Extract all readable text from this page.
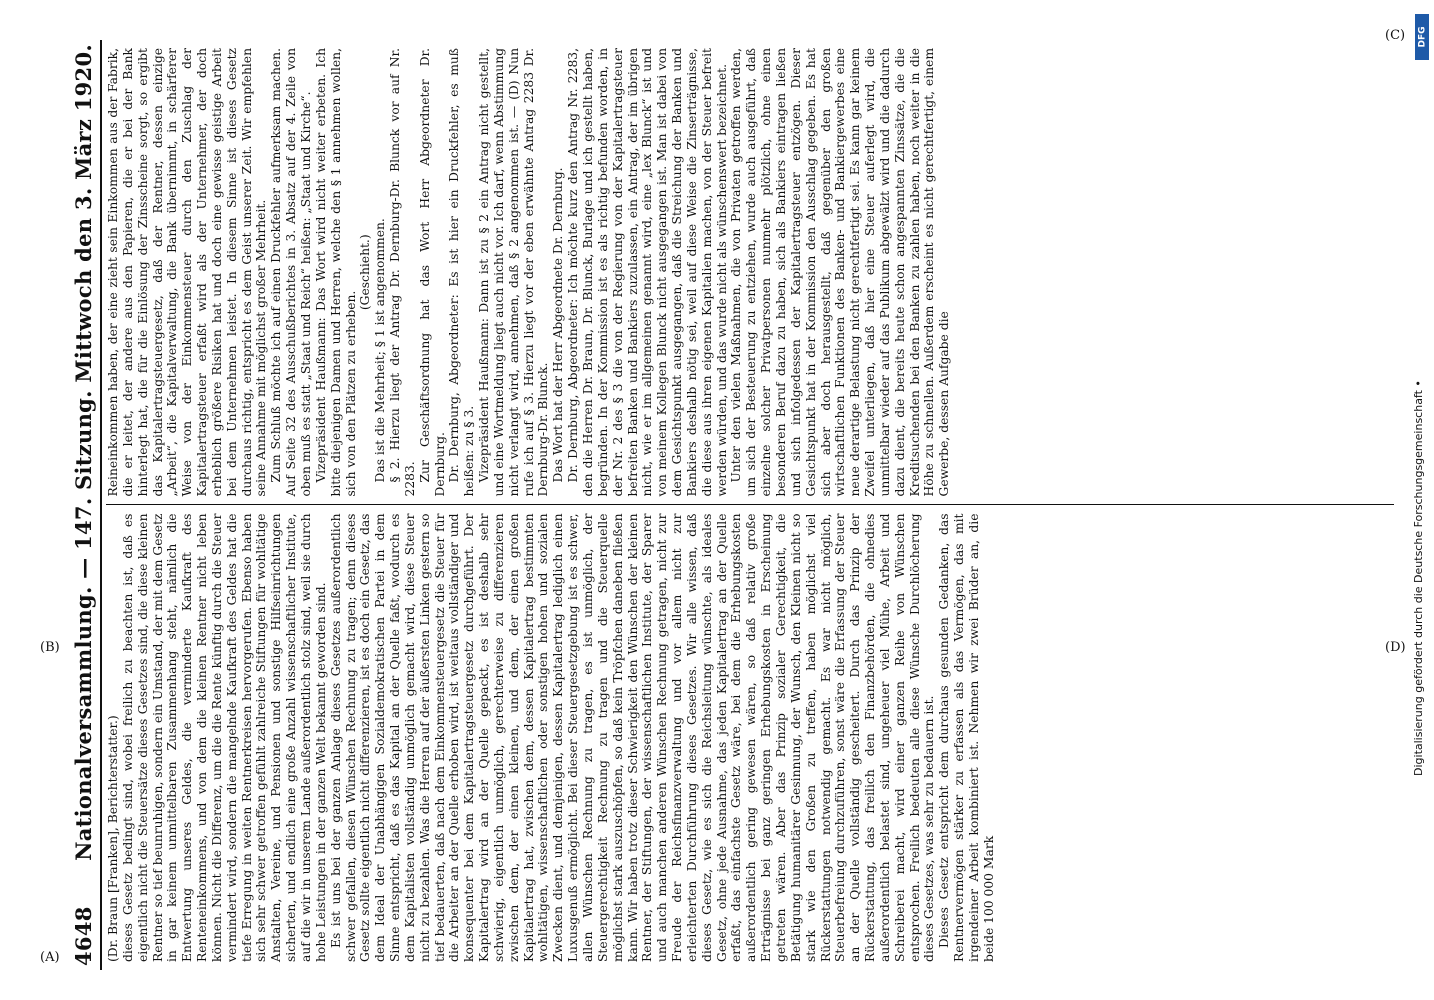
4648
Nationalversammlung. — 147. Sitzung. Mittwoch den 3. März 1920. (Dr. Braun [Franken], Berichterstatter.) dieses Gesetz bedingt sind, wobei freilich zu beachten ist, daß es eigentlich nicht die Steuersätze dieses Gesetzes sind, die diese kleinen Rentner so tief beunruhigen, sondern ein Umstand, der mit dem Gesetz in gar keinem unmittelbaren Zusammenhang steht, nämlich die Entwertung unseres Geldes, die verminderte Kaufkraft des Renteneinkommens, und von dem die kleinen Rentner nicht leben können. Nicht die Differenz, um die die Rente künftig durch die Steuer vermindert wird, sondern die mangelnde Kaufkraft des Geldes hat die tiefe Erregung in weiten Rentnerkreisen hervorgerufen. Ebenso haben sich sehr schwer getroffen gefühlt zahlreiche Stiftungen für wohltätige Anstalten, Vereine, und Pensionen und sonstige Hilfseinrichtungen sicherten, und endlich eine große Anzahl wissenschaftlicher Institute, auf die wir in unserem Lande außerordentlich stolz sind, weil sie durch hohe Leistungen in der ganzen Welt bekannt geworden sind. Es ist uns bei der ganzen Anlage dieses Gesetzes außerordentlich schwer gefallen, diesen Wünschen Rechnung zu tragen; denn dieses Gesetz sollte eigentlich nicht differenzieren, ist es doch ein Gesetz, das dem Ideal der Unabhängigen Sozialdemokratischen Partei in dem Sinne entspricht, daß es das Kapital an der Quelle faßt, wodurch es dem Kapitalisten vollständig unmöglich gemacht wird, diese Steuer nicht zu bezahlen. Was die Herren auf der äußersten Linken gestern so tief bedauerten, daß nach dem Einkommensteuergesetz die Steuer für die Arbeiter an der Quelle erhoben wird, ist weitaus vollständiger und konsequenter bei dem Kapitalertragsteuergesetz durchgeführt. Der Kapitalertrag wird an der Quelle gepackt, es ist deshalb sehr schwierig, eigentlich unmöglich, gerechterweise zu differenzieren zwischen dem, der einen kleinen, und dem, der einen großen Kapitalertrag hat, zwischen dem, dessen Kapitalertrag bestimmten wohltätigen, wissenschaftlichen oder sonstigen hohen und sozialen Zwecken dient, und demjenigen, dessen Kapitalertrag lediglich einen Luxusgenuß ermöglicht. Bei dieser Steuergesetzgebung ist es schwer, allen Wünschen Rechnung zu tragen, es ist unmöglich, der Steuergerechtigkeit Rechnung zu tragen und die Steuerquelle möglichst stark auszuschöpfen, so daß kein Tröpfchen daneben fließen kann. Wir haben trotz dieser Schwierigkeit den Wünschen der kleinen Rentner, der Stiftungen, der wissenschaftlichen Institute, der Sparer und auch manchen anderen Wünschen Rechnung getragen, nicht zur Freude der Reichsfinanzverwaltung und vor allem nicht zur erleichterten Durchführung dieses Gesetzes. Wir alle wissen, daß dieses Gesetz, wie es sich die Reichsleitung wünschte, als ideales Gesetz, ohne jede Ausnahme, das jeden Kapitalertrag an der Quelle erfaßt, das einfachste Gesetz wäre, bei dem die Erhebungskosten außerordentlich gering gewesen wären, so daß relativ große Erträgnisse bei ganz geringen Erhebungskosten in Erscheinung getreten wären. Aber das Prinzip sozialer Gerechtigkeit, die Betätigung humanitärer Gesinnung, der Wunsch, den Kleinen nicht so stark wie den Großen zu treffen, haben möglichst viel Rückerstattungen notwendig gemacht. Es war nicht möglich, Steuerbefreiung durchzuführen, sonst wäre die Erfassung der Steuer an der Quelle vollständig gescheitert. Durch das Prinzip der Rückerstattung, das freilich den Finanzbehörden, die ohnedies außerordentlich belastet sind, ungeheuer viel Mühe, Arbeit und Schreiberei macht, wird einer ganzen Reihe von Wünschen entsprochen. Freilich bedeuten alle diese Wünsche Durchlöcherung dieses Gesetzes, was sehr zu bedauern ist. Dieses Gesetz entspricht dem durchaus gesunden Gedanken, das Rentnervermögen stärker zu erfassen als das Vermögen, das mit irgendeiner Arbeit kombiniert ist. Nehmen wir zwei Brüder an, die beide 100 000 Mark

Reineinkommen haben, der eine zieht sein Einkommen aus der Fabrik, die er leitet, der andere aus den Papieren, die er bei der Bank hinterlegt hat, die für die Einlösung der Zinsscheine sorgt, so ergibt das Kapitalertragsteuergesetz, daß der Rentner, dessen einzige „Arbeit“, die Kapitalverwaltung, die Bank übernimmt, in schärferer Weise von der Einkommensteuer durch den Zuschlag der Kapitalertragsteuer erfaßt wird als der Unternehmer, der doch erheblich größere Risiken hat und doch eine gewisse geistige Arbeit bei dem Unternehmen leistet. In diesem Sinne ist dieses Gesetz durchaus richtig, entspricht es dem Geist unserer Zeit. Wir empfehlen seine Annahme mit möglichst großer Mehrheit. Zum Schluß möchte ich auf einen Druckfehler aufmerksam machen. Auf Seite 32 des Ausschußberichtes in 3. Absatz auf der 4. Zeile von oben muß es statt „Staat und Reich“ heißen: „Staat und Kirche“. Vizepräsident Haußmann: Das Wort wird nicht weiter erbeten. Ich bitte diejenigen Damen und Herren, welche den § 1 annehmen wollen, sich von den Plätzen zu erheben.

(Geschieht.) Das ist die Mehrheit; § 1 ist angenommen. § 2. Hierzu liegt der Antrag Dr. Dernburg-Dr. Blunck vor auf Nr. 2283. Zur Geschäftsordnung hat das Wort Herr Abgeordneter Dr. Dernburg. Dr. Dernburg, Abgeordneter: Es ist hier ein Druckfehler, es muß heißen: zu § 3. Vizepräsident Haußmann: Dann ist zu § 2 ein Antrag nicht gestellt, und eine Wortmeldung liegt auch nicht vor. Ich darf, wenn Abstimmung nicht verlangt wird, annehmen, daß § 2 angenommen ist. — (D) Nun rufe ich auf § 3. Hierzu liegt vor der eben erwähnte Antrag 2283 Dr. Dernburg-Dr. Blunck. Das Wort hat der Herr Abgeordnete Dr. Dernburg. Dr. Dernburg, Abgeordneter: Ich möchte kurz den Antrag Nr. 2283, den die Herren Dr. Braun, Dr. Blunck, Burlage und ich gestellt haben, begründen. In der Kommission ist es als richtig befunden worden, in der Nr. 2 des § 3 die von der Regierung von der Kapitalertragsteuer befreiten Banken und Bankiers zuzulassen, ein Antrag, der im übrigen nicht, wie er im allgemeinen genannt wird, eine „lex Blunck“ ist und von meinem Kollegen Blunck nicht ausgegangen ist. Man ist dabei von dem Gesichtspunkt ausgegangen, daß die Streichung der Banken und Bankiers deshalb nötig sei, weil auf diese Weise die Zinserträgnisse, die diese aus ihren eigenen Kapitalien machen, von der Steuer befreit werden würden, und das wurde nicht als wünschenswert bezeichnet. Unter den vielen Maßnahmen, die von Privaten getroffen werden, um sich der Besteuerung zu entziehen, wurde auch ausgeführt, daß einzelne solcher Privatpersonen nunmehr plötzlich, ohne einen besonderen Beruf dazu zu haben, sich als Bankiers eintragen ließen und sich infolgedessen der Kapitalertragsteuer entzögen. Dieser Gesichtspunkt hat in der Kommission den Ausschlag gegeben. Es hat sich aber doch herausgestellt, daß gegenüber den großen wirtschaftlichen Funktionen des Banken- und Bankiergewerbes eine neue derartige Belastung nicht gerechtfertigt sei. Es kann gar keinem Zweifel unterliegen, daß hier eine Steuer auferlegt wird, die unmittelbar wieder auf das Publikum abgewälzt wird und die dadurch dazu dient, die bereits heute schon angespannten Zinssätze, die die Kreditsuchenden bei den Banken zu zahlen haben, noch weiter in die Höhe zu schnellen. Außerdem erscheint es nicht gerechtfertigt, einem Gewerbe, dessen Aufgabe die

(A)
(B)
(C)
(D)
DFG
Digitalisierung gefördert durch die Deutsche Forschungsgemeinschaft •
